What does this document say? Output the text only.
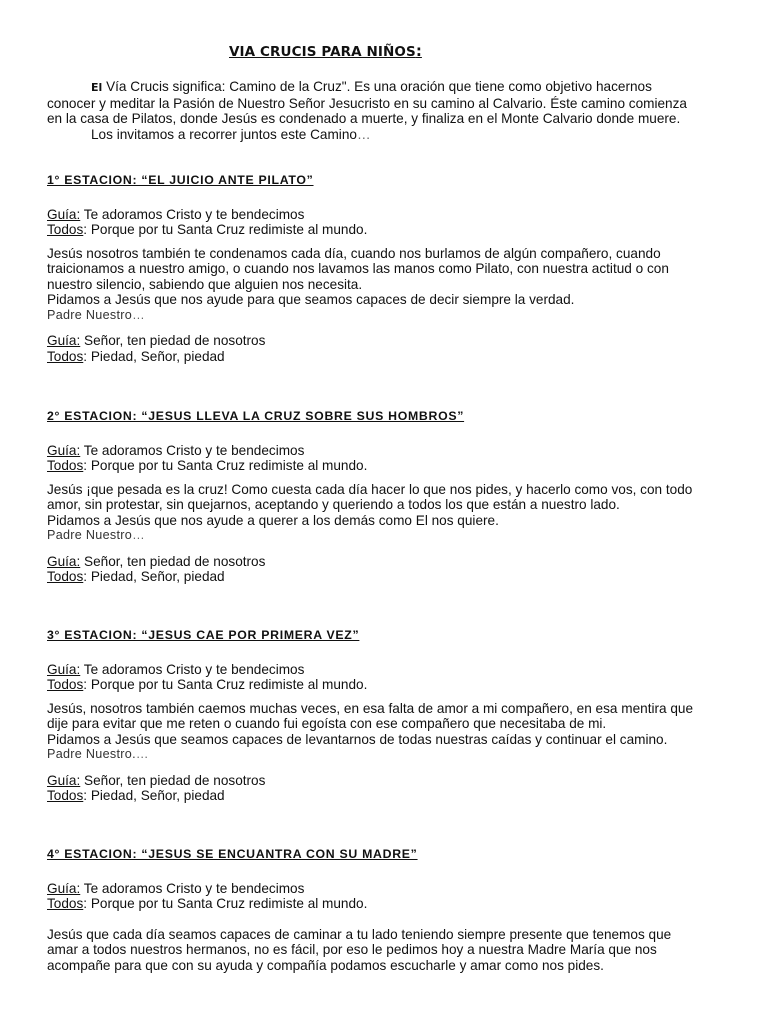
VIA CRUCIS PARA NIÑOS:

El Vía Crucis significa: Camino de la Cruz". Es una oración que tiene como objetivo hacernos

conocer y meditar la Pasión de Nuestro Señor Jesucristo en su camino al Calvario. Éste camino comienza

en la casa de Pilatos, donde Jesús es condenado a muerte, y finaliza en el Monte Calvario donde muere.

Los invitamos a recorrer juntos este Camino…

1° ESTACION: “EL JUICIO ANTE PILATO”

Guía: Te adoramos Cristo y te bendecimos

Todos: Porque por tu Santa Cruz redimiste al mundo.

Jesús nosotros también te condenamos cada día, cuando nos burlamos de algún compañero, cuando

traicionamos a nuestro amigo, o cuando nos lavamos las manos como Pilato, con nuestra actitud o con

nuestro silencio, sabiendo que alguien nos necesita.

Pidamos a Jesús que nos ayude para que seamos capaces de decir siempre la verdad.

Padre Nuestro…

Guía: Señor, ten piedad de nosotros

Todos: Piedad, Señor, piedad

2° ESTACION: “JESUS LLEVA LA CRUZ SOBRE SUS HOMBROS”

Guía: Te adoramos Cristo y te bendecimos

Todos: Porque por tu Santa Cruz redimiste al mundo.

Jesús ¡que pesada es la cruz! Como cuesta cada día hacer lo que nos pides, y hacerlo como vos, con todo

amor, sin protestar, sin quejarnos, aceptando y queriendo a todos los que están a nuestro lado.

Pidamos a Jesús que nos ayude a querer a los demás como El nos quiere.

Padre Nuestro…

Guía: Señor, ten piedad de nosotros

Todos: Piedad, Señor, piedad

3° ESTACION: “JESUS CAE POR PRIMERA VEZ”

Guía: Te adoramos Cristo y te bendecimos

Todos: Porque por tu Santa Cruz redimiste al mundo.

Jesús, nosotros también caemos muchas veces, en esa falta de amor a mi compañero, en esa mentira que

dije para evitar que me reten o cuando fui egoísta con ese compañero que necesitaba de mi.

Pidamos a Jesús que seamos capaces de levantarnos de todas nuestras caídas y continuar el camino.

Padre Nuestro.…

Guía: Señor, ten piedad de nosotros

Todos: Piedad, Señor, piedad

4° ESTACION: “JESUS SE ENCUANTRA CON SU MADRE”

Guía: Te adoramos Cristo y te bendecimos

Todos: Porque por tu Santa Cruz redimiste al mundo.

Jesús que cada día seamos capaces de caminar a tu lado teniendo siempre presente que tenemos que

amar a todos nuestros hermanos, no es fácil, por eso le pedimos hoy a nuestra Madre María que nos

acompañe para que con su ayuda y compañía podamos escucharle y amar como nos pides.
